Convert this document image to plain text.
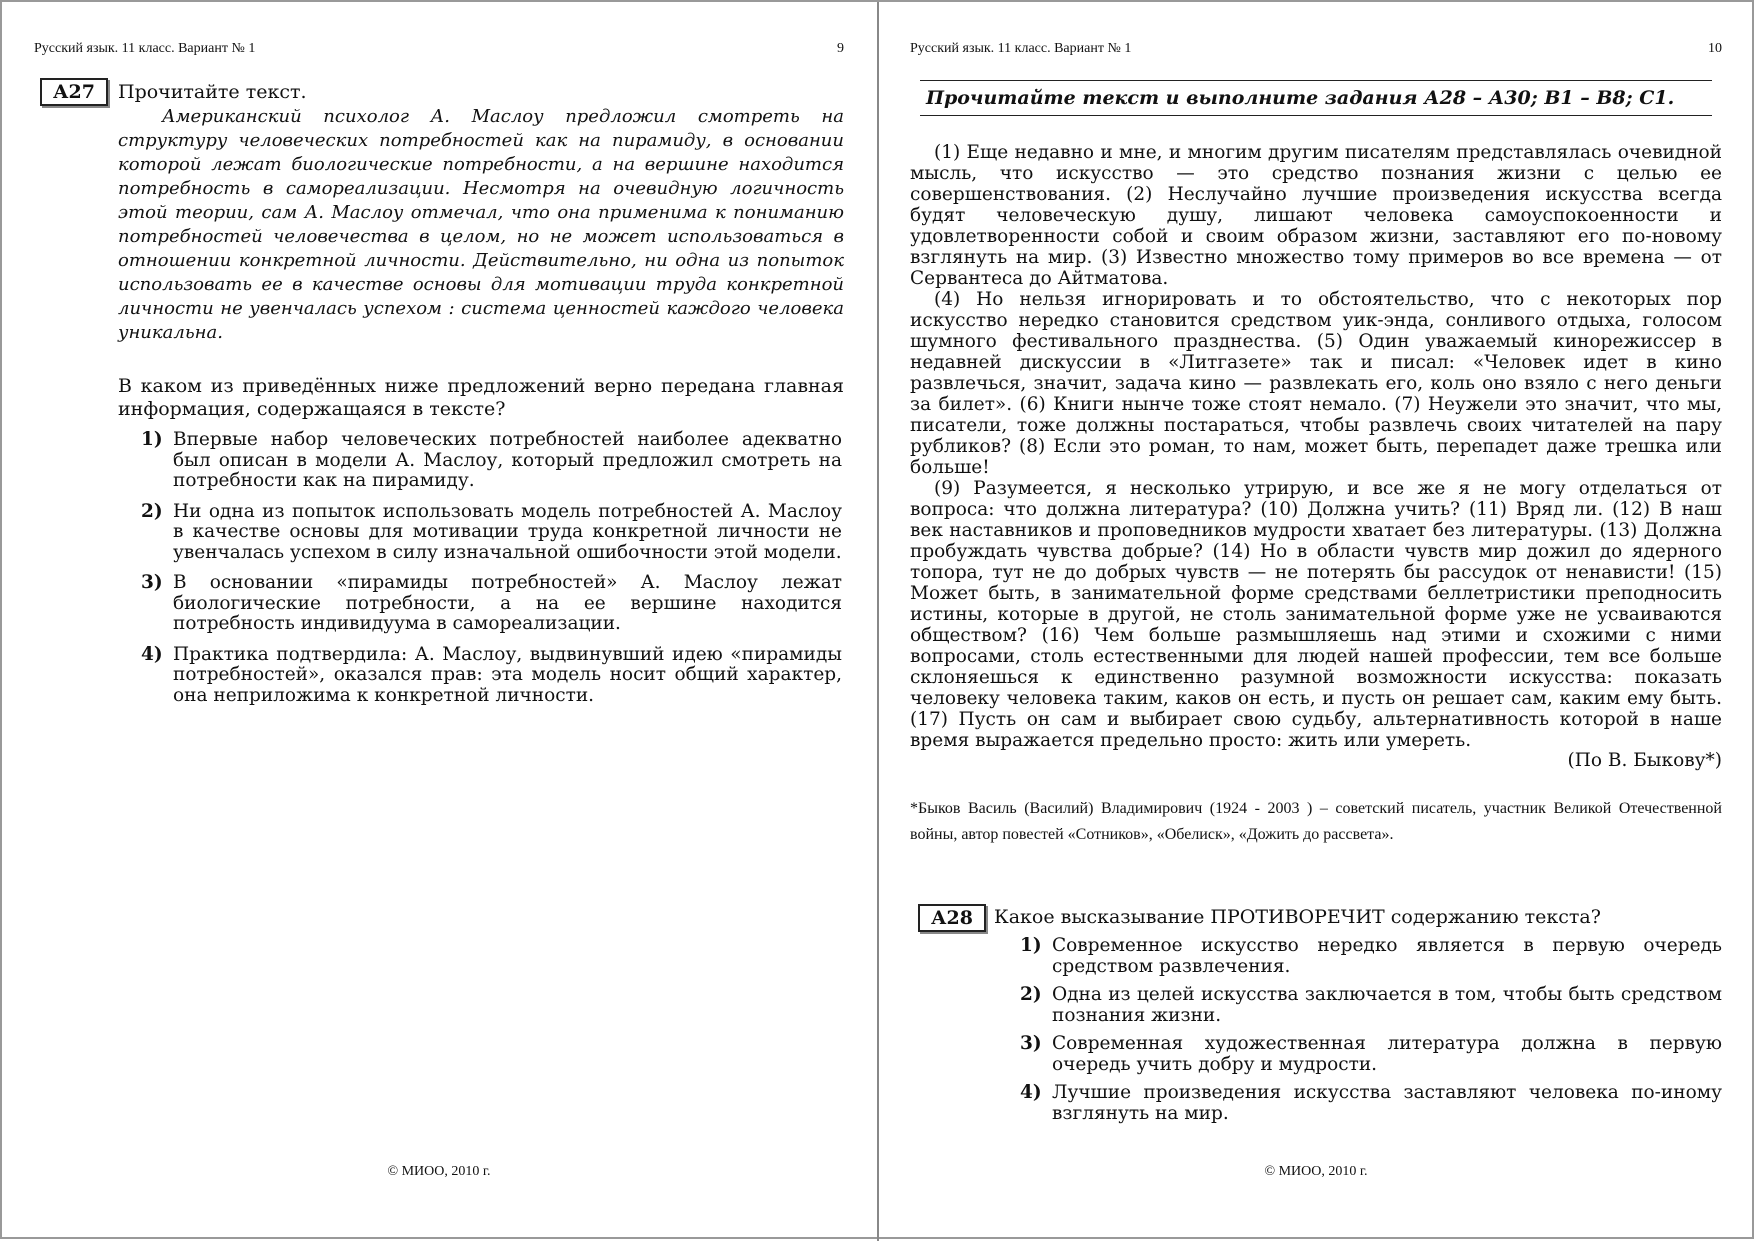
Русский язык. 11 класс. Вариант № 1	9
А27	Прочитайте текст.
Американский психолог А. Маслоу предложил смотреть на структуру человеческих потребностей как на пирамиду, в основании которой лежат биологические потребности, а на вершине находится потребность в самореализации. Несмотря на очевидную логичность этой теории, сам А. Маслоу отмечал, что она применима к пониманию потребностей человечества в целом, но не может использоваться в отношении конкретной личности. Действительно, ни одна из попыток использовать ее в качестве основы для мотивации труда конкретной личности не увенчалась успехом : система ценностей каждого человека уникальна.
В каком из приведённых ниже предложений верно передана главная информация, содержащаяся в тексте?
1) Впервые набор человеческих потребностей наиболее адекватно был описан в модели А. Маслоу, который предложил смотреть на потребности как на пирамиду.
2) Ни одна из попыток использовать модель потребностей А. Маслоу в качестве основы для мотивации труда конкретной личности не увенчалась успехом в силу изначальной ошибочности этой модели.
3) В основании «пирамиды потребностей» А. Маслоу лежат биологические потребности, а на ее вершине находится потребность индивидуума в самореализации.
4) Практика подтвердила: А. Маслоу, выдвинувший идею «пирамиды потребностей», оказался прав: эта модель носит общий характер, она неприложима к конкретной личности.
© МИОО, 2010 г.
Русский язык. 11 класс. Вариант № 1	10
Прочитайте текст и выполните задания А28 – А30; В1 – В8; С1.

(1) Еще недавно и мне, и многим другим писателям представлялась очевидной мысль, что искусство — это средство познания жизни с целью ее совершенствования. (2) Неслучайно лучшие произведения искусства всегда будят человеческую душу, лишают человека самоуспокоенности и удовлетворенности собой и своим образом жизни, заставляют его по-новому взглянуть на мир. (3) Известно множество тому примеров во все времена — от Сервантеса до Айтматова.

(4) Но нельзя игнорировать и то обстоятельство, что с некоторых пор искусство нередко становится средством уик-энда, сонливого отдыха, голосом шумного фестивального празднества. (5) Один уважаемый кинорежиссер в недавней дискуссии в «Литгазете» так и писал: «Человек идет в кино развлечься, значит, задача кино — развлекать его, коль оно взяло с него деньги за билет». (6) Книги нынче тоже стоят немало. (7) Неужели это значит, что мы, писатели, тоже должны постараться, чтобы развлечь своих читателей на пару рубликов? (8) Если это роман, то нам, может быть, перепадет даже трешка или больше!

(9) Разумеется, я несколько утрирую, и все же я не могу отделаться от вопроса: что должна литература? (10) Должна учить? (11) Вряд ли. (12) В наш век наставников и проповедников мудрости хватает без литературы. (13) Должна пробуждать чувства добрые? (14) Но в области чувств мир дожил до ядерного топора, тут не до добрых чувств — не потерять бы рассудок от ненависти! (15) Может быть, в занимательной форме средствами беллетристики преподносить истины, которые в другой, не столь занимательной форме уже не усваиваются обществом? (16) Чем больше размышляешь над этими и схожими с ними вопросами, столь естественными для людей нашей профессии, тем все больше склоняешься к единственно разумной возможности искусства: показать человеку человека таким, каков он есть, и пусть он решает сам, каким ему быть. (17) Пусть он сам и выбирает свою судьбу, альтернативность которой в наше время выражается предельно просто: жить или умереть.

(По В. Быкову*)
*Быков Василь (Василий) Владимирович (1924 - 2003 ) – советский писатель, участник Великой Отечественной войны, автор повестей «Сотников», «Обелиск», «Дожить до рассвета».
А28	Какое высказывание ПРОТИВОРЕЧИТ содержанию текста?
1) Современное искусство нередко является в первую очередь средством развлечения.
2) Одна из целей искусства заключается в том, чтобы быть средством познания жизни.
3) Современная художественная литература должна в первую очередь учить добру и мудрости.
4) Лучшие произведения искусства заставляют человека по-иному взглянуть на мир.
© МИОО, 2010 г.
